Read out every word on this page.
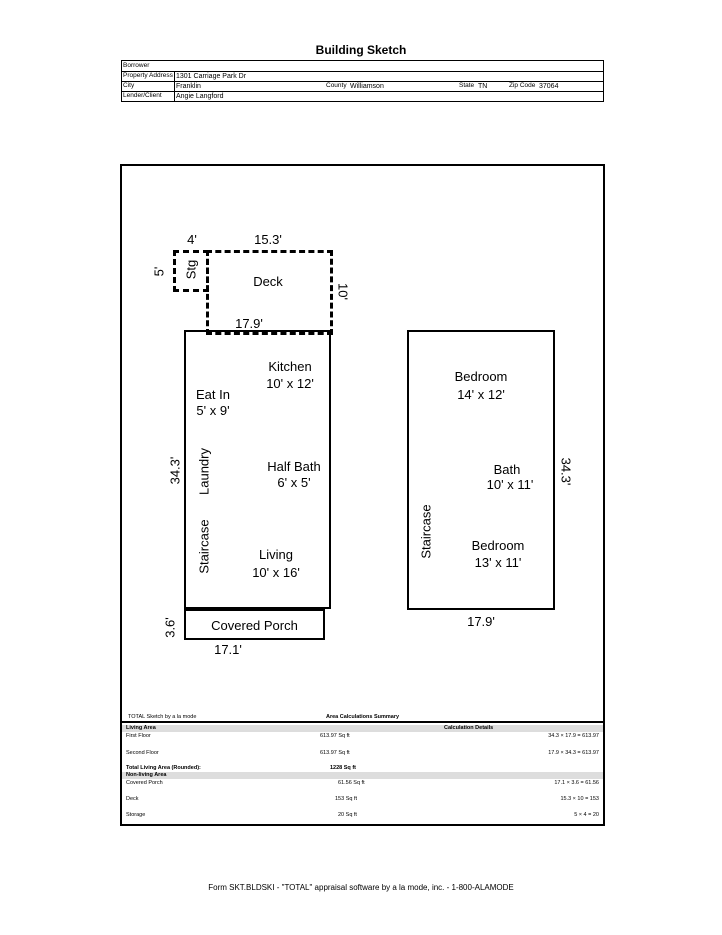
Building Sketch
Borrower
Property Address 1301 Carriage Park Dr
City	Franklin	County Williamson	State TN	Zip Code 37064
Lender/Client Angie Langford
Stg
4'
5'
Deck
15.3'
10'
17.9'
34.3'
Kitchen
10' x 12'
Eat In
5' x 9'
Laundry	Half Bath
6' x 5'
Staircase	Living
10' x 16'
Covered Porch
3.6'
17.1'
Bedroom
14' x 12'
Bath
10' x 11'	34.3'
Staircase	Bedroom
13' x 11'
17.9'
TOTAL Sketch by a la mode	Area Calculations Summary
Living Area	Calculation Details
First Floor	613.97 Sq ft	34.3 × 17.9 = 613.97
Second Floor	613.97 Sq ft	17.9 × 34.3 = 613.97
Total Living Area (Rounded):	1228 Sq ft
Non-living Area
Covered Porch	61.56 Sq ft	17.1 × 3.6 = 61.56
Deck	153 Sq ft	15.3 × 10 = 153
Storage	20 Sq ft	5 × 4 = 20
Form SKT.BLDSKI - "TOTAL" appraisal software by a la mode, inc. - 1-800-ALAMODE
